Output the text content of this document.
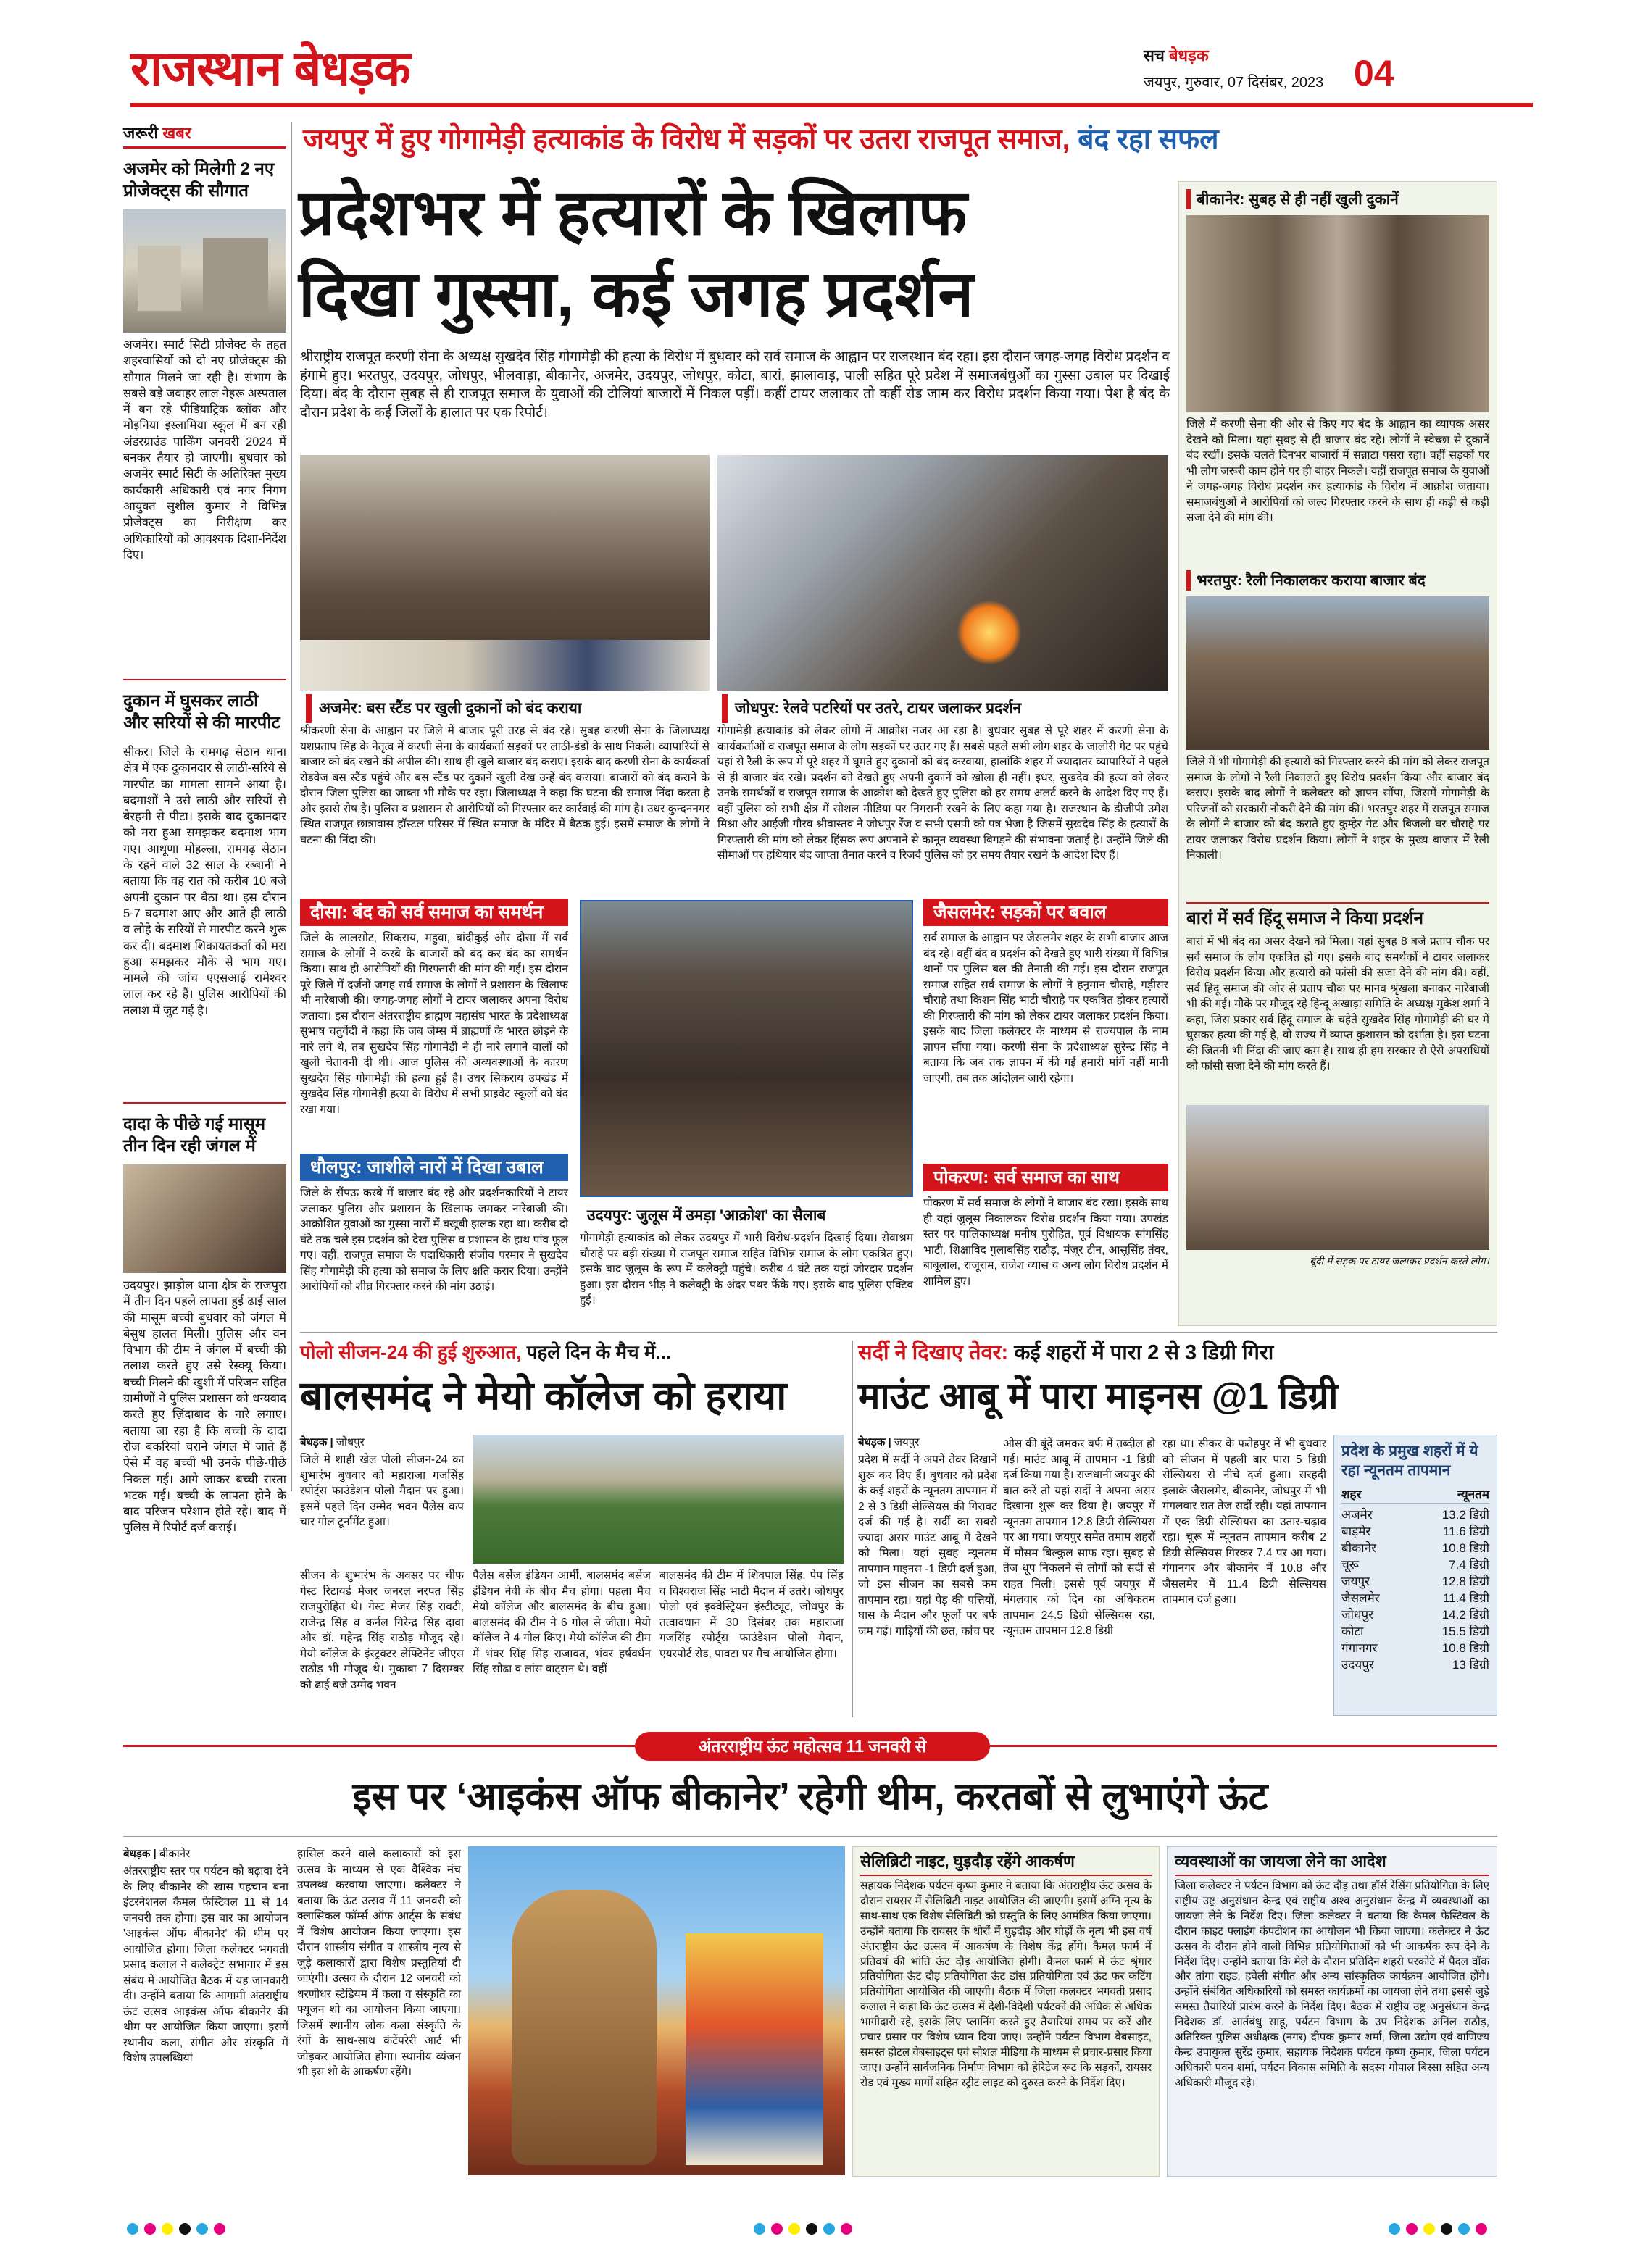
राजस्थान बेधड़क	सच बेधड़क
जयपुर, गुरुवार, 07 दिसंबर, 2023 04
जरूरी खबर
अजमेर को मिलेगी 2 नए प्रोजेक्ट्स की सौगात
अजमेर। स्मार्ट सिटी प्रोजेक्ट के तहत शहरवासियों को दो नए प्रोजेक्ट्स की सौगात मिलने जा रही है। संभाग के सबसे बड़े जवाहर लाल नेहरू अस्पताल में बन रहे पीडियाट्रिक ब्लॉक और मोइनिया इस्लामिया स्कूल में बन रही अंडरग्राउंड पार्किंग जनवरी 2024 में बनकर तैयार हो जाएगी। बुधवार को अजमेर स्मार्ट सिटी के अतिरिक्त मुख्य कार्यकारी अधिकारी एवं नगर निगम आयुक्त सुशील कुमार ने विभिन्न प्रोजेक्ट्स का निरीक्षण कर अधिकारियों को आवश्यक दिशा-निर्देश दिए।
दुकान में घुसकर लाठी और सरियों से की मारपीट
सीकर। जिले के रामगढ़ सेठान थाना क्षेत्र में एक दुकानदार से लाठी-सरिये से मारपीट का मामला सामने आया है। बदमाशों ने उसे लाठी और सरियों से बेरहमी से पीटा। इसके बाद दुकानदार को मरा हुआ समझकर बदमाश भाग गए। आथूणा मोहल्ला, रामगढ़ सेठान के रहने वाले 32 साल के रब्बानी ने बताया कि वह रात को करीब 10 बजे अपनी दुकान पर बैठा था। इस दौरान 5-7 बदमाश आए और आते ही लाठी व लोहे के सरियों से मारपीट करने शुरू कर दी। बदमाश शिकायतकर्ता को मरा हुआ समझकर मौके से भाग गए। मामले की जांच एएसआई रामेश्वर लाल कर रहे हैं। पुलिस आरोपियों की तलाश में जुट गई है।
दादा के पीछे गई मासूम तीन दिन रही जंगल में
उदयपुर। झाड़ोल थाना क्षेत्र के राजपुरा में तीन दिन पहले लापता हुई ढाई साल की मासूम बच्ची बुधवार को जंगल में बेसुध हालत मिली। पुलिस और वन विभाग की टीम ने जंगल में बच्ची की तलाश करते हुए उसे रेस्क्यू किया। बच्ची मिलने की खुशी में परिजन सहित ग्रामीणों ने पुलिस प्रशासन को धन्यवाद करते हुए ज़िंदाबाद के नारे लगाए। बताया जा रहा है कि बच्ची के दादा रोज बकरियां चराने जंगल में जाते हैं ऐसे में वह बच्ची भी उनके पीछे-पीछे निकल गई। आगे जाकर बच्ची रास्ता भटक गई। बच्ची के लापता होने के बाद परिजन परेशान होते रहे। बाद में पुलिस में रिपोर्ट दर्ज कराई।
जयपुर में हुए गोगामेड़ी हत्याकांड के विरोध में सड़कों पर उतरा राजपूत समाज, बंद रहा सफल
प्रदेशभर में हत्यारों के खिलाफ
दिखा गुस्सा, कई जगह प्रदर्शन
श्रीराष्ट्रीय राजपूत करणी सेना के अध्यक्ष सुखदेव सिंह गोगामेड़ी की हत्या के विरोध में बुधवार को सर्व समाज के आह्वान पर राजस्थान बंद रहा। इस दौरान जगह-जगह विरोध प्रदर्शन व हंगामे हुए। भरतपुर, उदयपुर, जोधपुर, भीलवाड़ा, बीकानेर, अजमेर, उदयपुर, जोधपुर, कोटा, बारां, झालावाड़, पाली सहित पूरे प्रदेश में समाजबंधुओं का गुस्सा उबाल पर दिखाई दिया। बंद के दौरान सुबह से ही राजपूत समाज के युवाओं की टोलियां बाजारों में निकल पड़ीं। कहीं टायर जलाकर तो कहीं रोड जाम कर विरोध प्रदर्शन किया गया। पेश है बंद के दौरान प्रदेश के कई जिलों के हालात पर एक रिपोर्ट।
अजमेर: बस स्टैंड पर खुली दुकानों को बंद कराया
श्रीकरणी सेना के आह्वान पर जिले में बाजार पूरी तरह से बंद रहे। सुबह करणी सेना के जिलाध्यक्ष यशप्रताप सिंह के नेतृत्व में करणी सेना के कार्यकर्ता सड़कों पर लाठी-डंडों के साथ निकले। व्यापारियों से बाजार को बंद रखने की अपील की। साथ ही खुले बाजार बंद कराए। इसके बाद करणी सेना के कार्यकर्ता रोडवेज बस स्टैंड पहुंचे और बस स्टैंड पर दुकानें खुली देख उन्हें बंद कराया। बाजारों को बंद कराने के दौरान जिला पुलिस का जाब्ता भी मौके पर रहा। जिलाध्यक्ष ने कहा कि घटना की समाज निंदा करता है और इससे रोष है। पुलिस व प्रशासन से आरोपियों को गिरफ्तार कर कार्रवाई की मांग है। उधर कुन्दननगर स्थित राजपूत छात्रावास हॉस्टल परिसर में स्थित समाज के मंदिर में बैठक हुई। इसमें समाज के लोगों ने घटना की निंदा की।
जोधपुर: रेलवे पटरियों पर उतरे, टायर जलाकर प्रदर्शन
गोगामेड़ी हत्याकांड को लेकर लोगों में आक्रोश नजर आ रहा है। बुधवार सुबह से पूरे शहर में करणी सेना के कार्यकर्ताओं व राजपूत समाज के लोग सड़कों पर उतर गए हैं। सबसे पहले सभी लोग शहर के जालोरी गेट पर पहुंचे यहां से रैली के रूप में पूरे शहर में घूमते हुए दुकानों को बंद करवाया, हालांकि शहर में ज्यादातर व्यापारियों ने पहले से ही बाजार बंद रखे। प्रदर्शन को देखते हुए अपनी दुकानें को खोला ही नहीं। इधर, सुखदेव की हत्या को लेकर उनके समर्थकों व राजपूत समाज के आक्रोश को देखते हुए पुलिस को हर समय अलर्ट करने के आदेश दिए गए हैं। वहीं पुलिस को सभी क्षेत्र में सोशल मीडिया पर निगरानी रखने के लिए कहा गया है। राजस्थान के डीजीपी उमेश मिश्रा और आईजी गौरव श्रीवास्तव ने जोधपुर रेंज व सभी एसपी को पत्र भेजा है जिसमें सुखदेव सिंह के हत्यारों के गिरफ्तारी की मांग को लेकर हिंसक रूप अपनाने से कानून व्यवस्था बिगड़ने की संभावना जताई है। उन्होंने जिले की सीमाओं पर हथियार बंद जाप्ता तैनात करने व रिजर्व पुलिस को हर समय तैयार रखने के आदेश दिए हैं।
दौसा: बंद को सर्व समाज का समर्थन
जिले के लालसोट, सिकराय, महुवा, बांदीकुई और दौसा में सर्व समाज के लोगों ने कस्बे के बाजारों को बंद कर बंद का समर्थन किया। साथ ही आरोपियों की गिरफ्तारी की मांग की गई। इस दौरान पूरे जिले में दर्जनों जगह सर्व समाज के लोगों ने प्रशासन के खिलाफ भी नारेबाजी की। जगह-जगह लोगों ने टायर जलाकर अपना विरोध जताया। इस दौरान अंतरराष्ट्रीय ब्राह्मण महासंघ भारत के प्रदेशाध्यक्ष सुभाष चतुर्वेदी ने कहा कि जब जेम्स में ब्राह्मणों के भारत छोड़ने के नारे लगे थे, तब सुखदेव सिंह गोगामेड़ी ने ही नारे लगाने वालों को खुली चेतावनी दी थी। आज पुलिस की अव्यवस्थाओं के कारण सुखदेव सिंह गोगामेड़ी की हत्या हुई है। उधर सिकराय उपखंड में सुखदेव सिंह गोगामेड़ी हत्या के विरोध में सभी प्राइवेट स्कूलों को बंद रखा गया।
धौलपुर: जाशीले नारों में दिखा उबाल
जिले के सैंपऊ कस्बे में बाजार बंद रहे और प्रदर्शनकारियों ने टायर जलाकर पुलिस और प्रशासन के खिलाफ जमकर नारेबाजी की। आक्रोशित युवाओं का गुस्सा नारों में बखूबी झलक रहा था। करीब दो घंटे तक चले इस प्रदर्शन को देख पुलिस व प्रशासन के हाथ पांव फूल गए। वहीं, राजपूत समाज के पदाधिकारी संजीव परमार ने सुखदेव सिंह गोगामेड़ी की हत्या को समाज के लिए क्षति करार दिया। उन्होंने आरोपियों को शीघ्र गिरफ्तार करने की मांग उठाई।
उदयपुर: जुलूस में उमड़ा 'आक्रोश' का सैलाब
गोगामेड़ी हत्याकांड को लेकर उदयपुर में भारी विरोध-प्रदर्शन दिखाई दिया। सेवाश्रम चौराहे पर बड़ी संख्या में राजपूत समाज सहित विभिन्न समाज के लोग एकत्रित हुए। इसके बाद जुलूस के रूप में कलेक्ट्री पहुंचे। करीब 4 घंटे तक यहां जोरदार प्रदर्शन हुआ। इस दौरान भीड़ ने कलेक्ट्री के अंदर पथर फेंके गए। इसके बाद पुलिस एक्टिव हुई।
जैसलमेर: सड़कों पर बवाल
सर्व समाज के आह्वान पर जैसलमेर शहर के सभी बाजार आज बंद रहे। वहीं बंद व प्रदर्शन को देखते हुए भारी संख्या में विभिन्न थानों पर पुलिस बल की तैनाती की गई। इस दौरान राजपूत समाज सहित सर्व समाज के लोगों ने हनुमान चौराहे, गड़ीसर चौराहे तथा किशन सिंह भाटी चौराहे पर एकत्रित होकर हत्यारों की गिरफ्तारी की मांग को लेकर टायर जलाकर प्रदर्शन किया। इसके बाद जिला कलेक्टर के माध्यम से राज्यपाल के नाम ज्ञापन सौंपा गया। करणी सेना के प्रदेशाध्यक्ष सुरेन्द्र सिंह ने बताया कि जब तक ज्ञापन में की गई हमारी मांगें नहीं मानी जाएगी, तब तक आंदोलन जारी रहेगा।
पोकरण: सर्व समाज का साथ
पोकरण में सर्व समाज के लोगों ने बाजार बंद रखा। इसके साथ ही यहां जुलूस निकालकर विरोध प्रदर्शन किया गया। उपखंड स्तर पर पालिकाध्यक्ष मनीष पुरोहित, पूर्व विधायक सांगसिंह भाटी, शिक्षाविद गुलाबसिंह राठौड़, मंजूर टीन, आसूसिंह तंवर, बाबूलाल, राजूराम, राजेश व्यास व अन्य लोग विरोध प्रदर्शन में शामिल हुए।
बीकानेर: सुबह से ही नहीं खुली दुकानें
जिले में करणी सेना की ओर से किए गए बंद के आह्वान का व्यापक असर देखने को मिला। यहां सुबह से ही बाजार बंद रहे। लोगों ने स्वेच्छा से दुकानें बंद रखीं। इसके चलते दिनभर बाजारों में सन्नाटा पसरा रहा। वहीं सड़कों पर भी लोग जरूरी काम होने पर ही बाहर निकले। वहीं राजपूत समाज के युवाओं ने जगह-जगह विरोध प्रदर्शन कर हत्याकांड के विरोध में आक्रोश जताया। समाजबंधुओं ने आरोपियों को जल्द गिरफ्तार करने के साथ ही कड़ी से कड़ी सजा देने की मांग की।
भरतपुर: रैली निकालकर कराया बाजार बंद
जिले में भी गोगामेड़ी की हत्यारों को गिरफ्तार करने की मांग को लेकर राजपूत समाज के लोगों ने रैली निकालते हुए विरोध प्रदर्शन किया और बाजार बंद कराए। इसके बाद लोगों ने कलेक्टर को ज्ञापन सौंपा, जिसमें गोगामेड़ी के परिजनों को सरकारी नौकरी देने की मांग की। भरतपुर शहर में राजपूत समाज के लोगों ने बाजार को बंद कराते हुए कुम्हेर गेट और बिजली घर चौराहे पर टायर जलाकर विरोध प्रदर्शन किया। लोगों ने शहर के मुख्य बाजार में रैली निकाली।
बारां में सर्व हिंदू समाज ने किया प्रदर्शन
बारां में भी बंद का असर देखने को मिला। यहां सुबह 8 बजे प्रताप चौक पर सर्व समाज के लोग एकत्रित हो गए। इसके बाद समर्थकों ने टायर जलाकर विरोध प्रदर्शन किया और हत्यारों को फांसी की सजा देने की मांग की। वहीं, सर्व हिंदू समाज की ओर से प्रताप चौक पर मानव श्रृंखला बनाकर नारेबाजी भी की गई। मौके पर मौजूद रहे हिन्दू अखाड़ा समिति के अध्यक्ष मुकेश शर्मा ने कहा, जिस प्रकार सर्व हिंदू समाज के चहेते सुखदेव सिंह गोगामेड़ी की घर में घुसकर हत्या की गई है, वो राज्य में व्याप्त कुशासन को दर्शाता है। इस घटना की जितनी भी निंदा की जाए कम है। साथ ही हम सरकार से ऐसे अपराधियों को फांसी सजा देने की मांग करते हैं।
बूंदी में सड़क पर टायर जलाकर प्रदर्शन करते लोग।
पोलो सीजन-24 की हुई शुरुआत, पहले दिन के मैच में...
बालसमंद ने मेयो कॉलेज को हराया
बेधड़क | जोधपुर
जिले में शाही खेल पोलो सीजन-24 का शुभारंभ बुधवार को महाराजा गजसिंह स्पोर्ट्स फाउंडेशन पोलो मैदान पर हुआ। इसमें पहले दिन उम्मेद भवन पैलेस कप चार गोल टूर्नामेंट हुआ।
सीजन के शुभारंभ के अवसर पर चीफ गेस्ट रिटायर्ड मेजर जनरल नरपत सिंह राजपुरोहित थे। गेस्ट मेजर सिंह रावटी, राजेन्द्र सिंह व कर्नल गिरेन्द्र सिंह दावा और डॉ. महेन्द्र सिंह राठौड़ मौजूद रहे। मेयो कॉलेज के इंस्ट्रक्टर लेफ्टिनेंट जीएस राठौड़ भी मौजूद थे। मुकाबा 7 दिसम्बर को ढाई बजे उम्मेद भवन
पैलेस बर्सेज इंडियन आर्मी, बालसमंद बर्सेज इंडियन नेवी के बीच मैच होगा। पहला मैच मेयो कॉलेज और बालसमंद के बीच हुआ। बालसमंद की टीम ने 6 गोल से जीता। मेयो कॉलेज ने 4 गोल किए। मेयो कॉलेज की टीम में भंवर सिंह सिंह राजावत, भंवर हर्षवर्धन सिंह सोढा व लांस वाट्सन थे। वहीं
बालसमंद की टीम में शिवपाल सिंह, पेप सिंह व विश्वराज सिंह भाटी मैदान में उतरे। जोधपुर पोलो एवं इक्वेस्ट्रियन इंस्टीट्यूट, जोधपुर के तत्वावधान में 30 दिसंबर तक महाराजा गजसिंह स्पोर्ट्स फाउंडेशन पोलो मैदान, एयरपोर्ट रोड, पावटा पर मैच आयोजित होगा।
सर्दी ने दिखाए तेवर: कई शहरों में पारा 2 से 3 डिग्री गिरा
माउंट आबू में पारा माइनस @1 डिग्री
बेधड़क | जयपुर
प्रदेश में सर्दी ने अपने तेवर दिखाने शुरू कर दिए हैं। बुधवार को प्रदेश के कई शहरों के न्यूनतम तापमान में 2 से 3 डिग्री सेल्सियस की गिरावट दर्ज की गई है। सर्दी का सबसे ज्यादा असर माउंट आबू में देखने को मिला। यहां सुबह न्यूनतम तापमान माइनस -1 डिग्री दर्ज हुआ, जो इस सीजन का सबसे कम तापमान रहा। यहां पेड़ की पत्तियों, घास के मैदान और फूलों पर बर्फ जम गई। गाड़ियों की छत, कांच पर
ओस की बूंदें जमकर बर्फ में तब्दील हो गई। माउंट आबू में तापमान -1 डिग्री दर्ज किया गया है। राजधानी जयपुर की बात करें तो यहां सर्दी ने अपना असर दिखाना शुरू कर दिया है। जयपुर में न्यूनतम तापमान 12.8 डिग्री सेल्सियस पर आ गया। जयपुर समेत तमाम शहरों में मौसम बिल्कुल साफ रहा। सुबह से तेज धूप निकलने से लोगों को सर्दी से राहत मिली। इससे पूर्व जयपुर में मंगलवार को दिन का अधिकतम तापमान 24.5 डिग्री सेल्सियस रहा, न्यूनतम तापमान 12.8 डिग्री
रहा था। सीकर के फतेहपुर में भी बुधवार को सीजन में पहली बार पारा 5 डिग्री सेल्सियस से नीचे दर्ज हुआ। सरहदी इलाके जैसलमेर, बीकानेर, जोधपुर में भी मंगलवार रात तेज सर्दी रही। यहां तापमान में एक डिग्री सेल्सियस का उतार-चढ़ाव रहा। चूरू में न्यूनतम तापमान करीब 2 डिग्री सेल्सियस गिरकर 7.4 पर आ गया। गंगानगर और बीकानेर में 10.8 और जैसलमेर में 11.4 डिग्री सेल्सियस तापमान दर्ज हुआ।
प्रदेश के प्रमुख शहरों में ये रहा न्यूनतम तापमान
शहर	न्यूनतम
अजमेर	13.2 डिग्री
बाड़मेर	11.6 डिग्री
बीकानेर	10.8 डिग्री
चूरू	7.4 डिग्री
जयपुर	12.8 डिग्री
जैसलमेर	11.4 डिग्री
जोधपुर	14.2 डिग्री
कोटा	15.5 डिग्री
गंगानगर	10.8 डिग्री
उदयपुर	13 डिग्री
अंतरराष्ट्रीय ऊंट महोत्सव 11 जनवरी से
इस पर ‘आइकंस ऑफ बीकानेर’ रहेगी थीम, करतबों से लुभाएंगे ऊंट
बेधड़क | बीकानेर
अंतरराष्ट्रीय स्तर पर पर्यटन को बढ़ावा देने के लिए बीकानेर की खास पहचान बना इंटरनेशनल कैमल फेस्टिवल 11 से 14 जनवरी तक होगा। इस बार का आयोजन 'आइकंस ऑफ बीकानेर' की थीम पर आयोजित होगा। जिला कलेक्टर भगवती प्रसाद कलाल ने कलेक्ट्रेट सभागार में इस संबंध में आयोजित बैठक में यह जानकारी दी। उन्होंने बताया कि आगामी अंतराष्ट्रीय ऊंट उत्सव आइकंस ऑफ बीकानेर की थीम पर आयोजित किया जाएगा। इसमें स्थानीय कला, संगीत और संस्कृति में विशेष उपलब्धियां
हासिल करने वाले कलाकारों को इस उत्सव के माध्यम से एक वैश्विक मंच उपलब्ध करवाया जाएगा। कलेक्टर ने बताया कि ऊंट उत्सव में 11 जनवरी को क्लासिकल फॉर्म्स ऑफ आर्ट्स के संबंध में विशेष आयोजन किया जाएगा। इस दौरान शास्त्रीय संगीत व शास्त्रीय नृत्य से जुड़े कलाकारों द्वारा विशेष प्रस्तुतियां दी जाएंगी। उत्सव के दौरान 12 जनवरी को धरणीधर स्टेडियम में कला व संस्कृति का फ्यूजन शो का आयोजन किया जाएगा। जिसमें स्थानीय लोक कला संस्कृति के रंगों के साथ-साथ कंटेंपरेरी आर्ट भी जोड़कर आयोजित होगा। स्थानीय व्यंजन भी इस शो के आकर्षण रहेंगे।
सेलिब्रिटी नाइट, घुड़दौड़ रहेंगे आकर्षण
सहायक निदेशक पर्यटन कृष्ण कुमार ने बताया कि अंतराष्ट्रीय ऊंट उत्सव के दौरान रायसर में सेलिब्रिटी नाइट आयोजित की जाएगी। इसमें अग्नि नृत्य के साथ-साथ एक विशेष सेलिब्रिटी को प्रस्तुति के लिए आमंत्रित किया जाएगा। उन्होंने बताया कि रायसर के धोरों में घुड़दौड़ और घोड़ों के नृत्य भी इस वर्ष अंतराष्ट्रीय ऊंट उत्सव में आकर्षण के विशेष केंद्र होंगे। कैमल फार्म में प्रतिवर्ष की भांति ऊंट दौड़ आयोजित होगी। कैमल फार्म में ऊंट श्रृंगार प्रतियोगिता ऊंट दौड़ प्रतियोगिता ऊंट डांस प्रतियोगिता एवं ऊंट फर कटिंग प्रतियोगिता आयोजित की जाएगी। बैठक में जिला कलक्टर भगवती प्रसाद कलाल ने कहा कि ऊंट उत्सव में देशी-विदेशी पर्यटकों की अधिक से अधिक भागीदारी रहे, इसके लिए प्लानिंग करते हुए तैयारियां समय पर करें और प्रचार प्रसार पर विशेष ध्यान दिया जाए। उन्होंने पर्यटन विभाग वेबसाइट, समस्त होटल वेबसाइट्स एवं सोशल मीडिया के माध्यम से प्रचार-प्रसार किया जाए। उन्होंने सार्वजनिक निर्माण विभाग को हेरिटेज रूट कि सड़कों, रायसर रोड एवं मुख्य मार्गों सहित स्ट्रीट लाइट को दुरुस्त करने के निर्देश दिए।
व्यवस्थाओं का जायजा लेने का आदेश
जिला कलेक्टर ने पर्यटन विभाग को ऊंट दौड़ तथा हॉर्स रेसिंग प्रतियोगिता के लिए राष्ट्रीय उष्ट्र अनुसंधान केन्द्र एवं राष्ट्रीय अश्व अनुसंधान केन्द्र में व्यवस्थाओं का जायजा लेने के निर्देश दिए। जिला कलेक्टर ने बताया कि कैमल फेस्टिवल के दौरान काइट फ्लाइंग कंपटीशन का आयोजन भी किया जाएगा। कलेक्टर ने ऊंट उत्सव के दौरान होने वाली विभिन्न प्रतियोगिताओं को भी आकर्षक रूप देने के निर्देश दिए। उन्होंने बताया कि मेले के दौरान प्रतिदिन शहरी परकोटे में पैदल वॉक और तांगा राइड, हवेली संगीत और अन्य सांस्कृतिक कार्यक्रम आयोजित होंगे। उन्होंने संबंधित अधिकारियों को समस्त कार्यक्रमों का जायजा लेने तथा इससे जुड़े समस्त तैयारियों प्रारंभ करने के निर्देश दिए। बैठक में राष्ट्रीय उष्ट्र अनुसंधान केन्द्र निदेशक डॉ. आर्तबंधु साहू, पर्यटन विभाग के उप निदेशक अनिल राठौड़, अतिरिक्त पुलिस अधीक्षक (नगर) दीपक कुमार शर्मा, जिला उद्योग एवं वाणिज्य केन्द्र उपायुक्त सुरेंद्र कुमार, सहायक निदेशक पर्यटन कृष्ण कुमार, जिला पर्यटन अधिकारी पवन शर्मा, पर्यटन विकास समिति के सदस्य गोपाल बिस्सा सहित अन्य अधिकारी मौजूद रहे।
